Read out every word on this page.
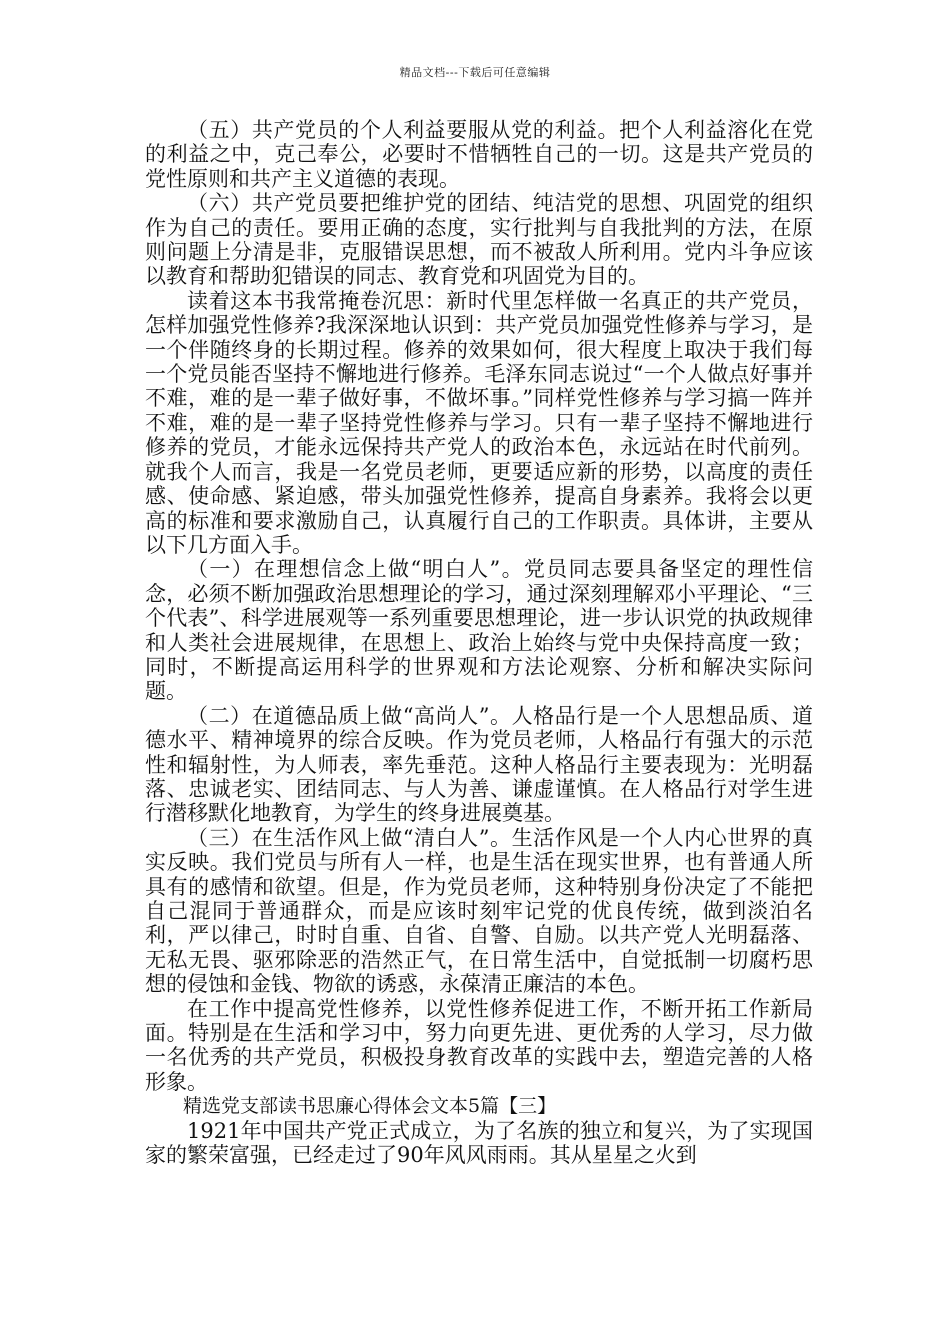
精品文档---下载后可任意编辑

（五）共产党员的个人利益要服从党的利益。把个人利益溶化在党的利益之中，克己奉公，必要时不惜牺牲自己的一切。这是共产党员的党性原则和共产主义道德的表现。

（六）共产党员要把维护党的团结、纯洁党的思想、巩固党的组织作为自己的责任。要用正确的态度，实行批判与自我批判的方法，在原则问题上分清是非，克服错误思想，而不被敌人所利用。党内斗争应该以教育和帮助犯错误的同志、教育党和巩固党为目的。

读着这本书我常掩卷沉思：新时代里怎样做一名真正的共产党员，怎样加强党性修养?我深深地认识到：共产党员加强党性修养与学习，是一个伴随终身的长期过程。修养的效果如何，很大程度上取决于我们每一个党员能否坚持不懈地进行修养。毛泽东同志说过“一个人做点好事并不难，难的是一辈子做好事，不做坏事。”同样党性修养与学习搞一阵并不难，难的是一辈子坚持党性修养与学习。只有一辈子坚持不懈地进行修养的党员，才能永远保持共产党人的政治本色，永远站在时代前列。就我个人而言，我是一名党员老师，更要适应新的形势，以高度的责任感、使命感、紧迫感，带头加强党性修养，提高自身素养。我将会以更高的标准和要求激励自己，认真履行自己的工作职责。具体讲，主要从以下几方面入手。

（一）在理想信念上做“明白人”。党员同志要具备坚定的理性信念，必须不断加强政治思想理论的学习，通过深刻理解邓小平理论、“三个代表”、科学进展观等一系列重要思想理论，进一步认识党的执政规律和人类社会进展规律，在思想上、政治上始终与党中央保持高度一致；同时，不断提高运用科学的世界观和方法论观察、分析和解决实际问题。

（二）在道德品质上做“高尚人”。人格品行是一个人思想品质、道德水平、精神境界的综合反映。作为党员老师，人格品行有强大的示范性和辐射性，为人师表，率先垂范。这种人格品行主要表现为：光明磊落、忠诚老实、团结同志、与人为善、谦虚谨慎。在人格品行对学生进行潜移默化地教育，为学生的终身进展奠基。

（三）在生活作风上做“清白人”。生活作风是一个人内心世界的真实反映。我们党员与所有人一样，也是生活在现实世界，也有普通人所具有的感情和欲望。但是，作为党员老师，这种特别身份决定了不能把自己混同于普通群众，而是应该时刻牢记党的优良传统，做到淡泊名利，严以律己，时时自重、自省、自警、自励。以共产党人光明磊落、无私无畏、驱邪除恶的浩然正气，在日常生活中，自觉抵制一切腐朽思想的侵蚀和金钱、物欲的诱惑，永葆清正廉洁的本色。

在工作中提高党性修养，以党性修养促进工作，不断开拓工作新局面。特别是在生活和学习中，努力向更先进、更优秀的人学习，尽力做一名优秀的共产党员，积极投身教育改革的实践中去，塑造完善的人格形象。

精选党支部读书思廉心得体会文本5篇【三】

1921年中国共产党正式成立，为了名族的独立和复兴，为了实现国家的繁荣富强，已经走过了90年风风雨雨。其从星星之火到
